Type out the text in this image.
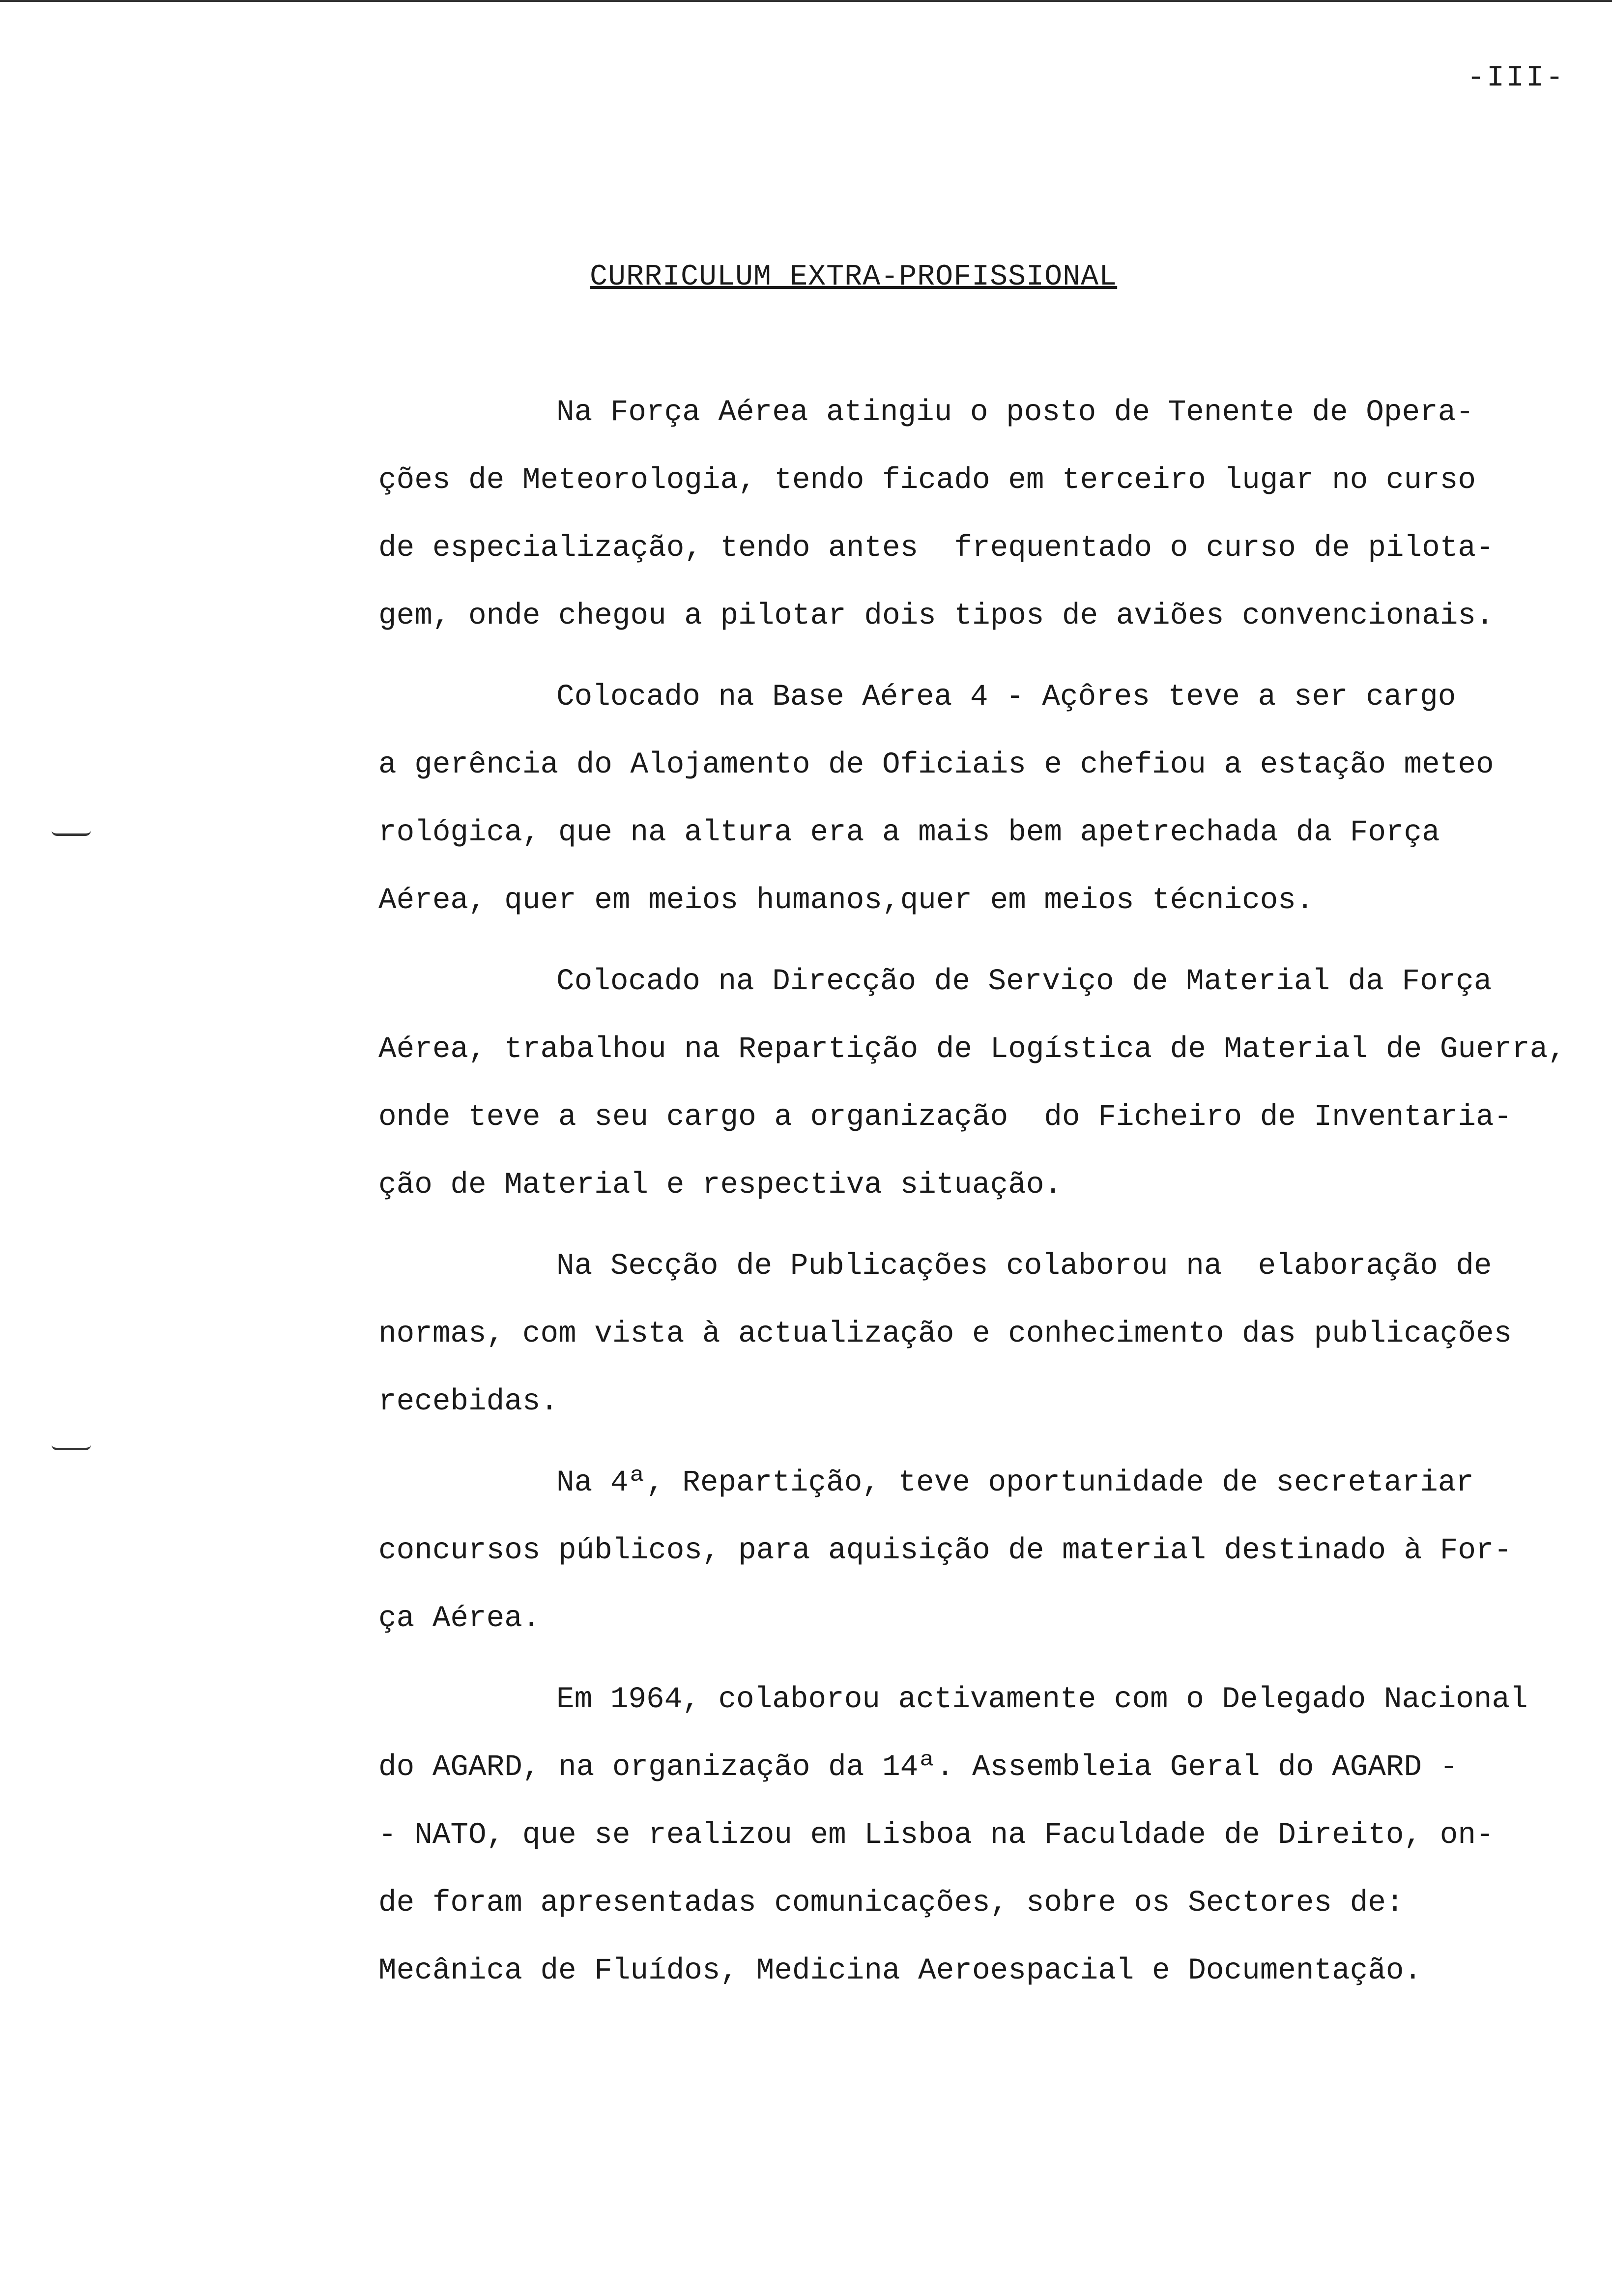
-III-
CURRICULUM EXTRA-PROFISSIONAL
Na Força Aérea atingiu o posto de Tenente de Opera-
ções de Meteorologia, tendo ficado em terceiro lugar no curso
de especialização, tendo antes  frequentado o curso de pilota-
gem, onde chegou a pilotar dois tipos de aviões convencionais.
Colocado na Base Aérea 4 - Açôres teve a ser cargo
a gerência do Alojamento de Oficiais e chefiou a estação meteo
rológica, que na altura era a mais bem apetrechada da Força
Aérea, quer em meios humanos,quer em meios técnicos.
Colocado na Direcção de Serviço de Material da Força
Aérea, trabalhou na Repartição de Logística de Material de Guerra,
onde teve a seu cargo a organização  do Ficheiro de Inventaria-
ção de Material e respectiva situação.
Na Secção de Publicações colaborou na  elaboração de
normas, com vista à actualização e conhecimento das publicações
recebidas.
Na 4ª, Repartição, teve oportunidade de secretariar
concursos públicos, para aquisição de material destinado à For-
ça Aérea.
Em 1964, colaborou activamente com o Delegado Nacional
do AGARD, na organização da 14ª. Assembleia Geral do AGARD -
- NATO, que se realizou em Lisboa na Faculdade de Direito, on-
de foram apresentadas comunicações, sobre os Sectores de:
Mecânica de Fluídos, Medicina Aeroespacial e Documentação.
